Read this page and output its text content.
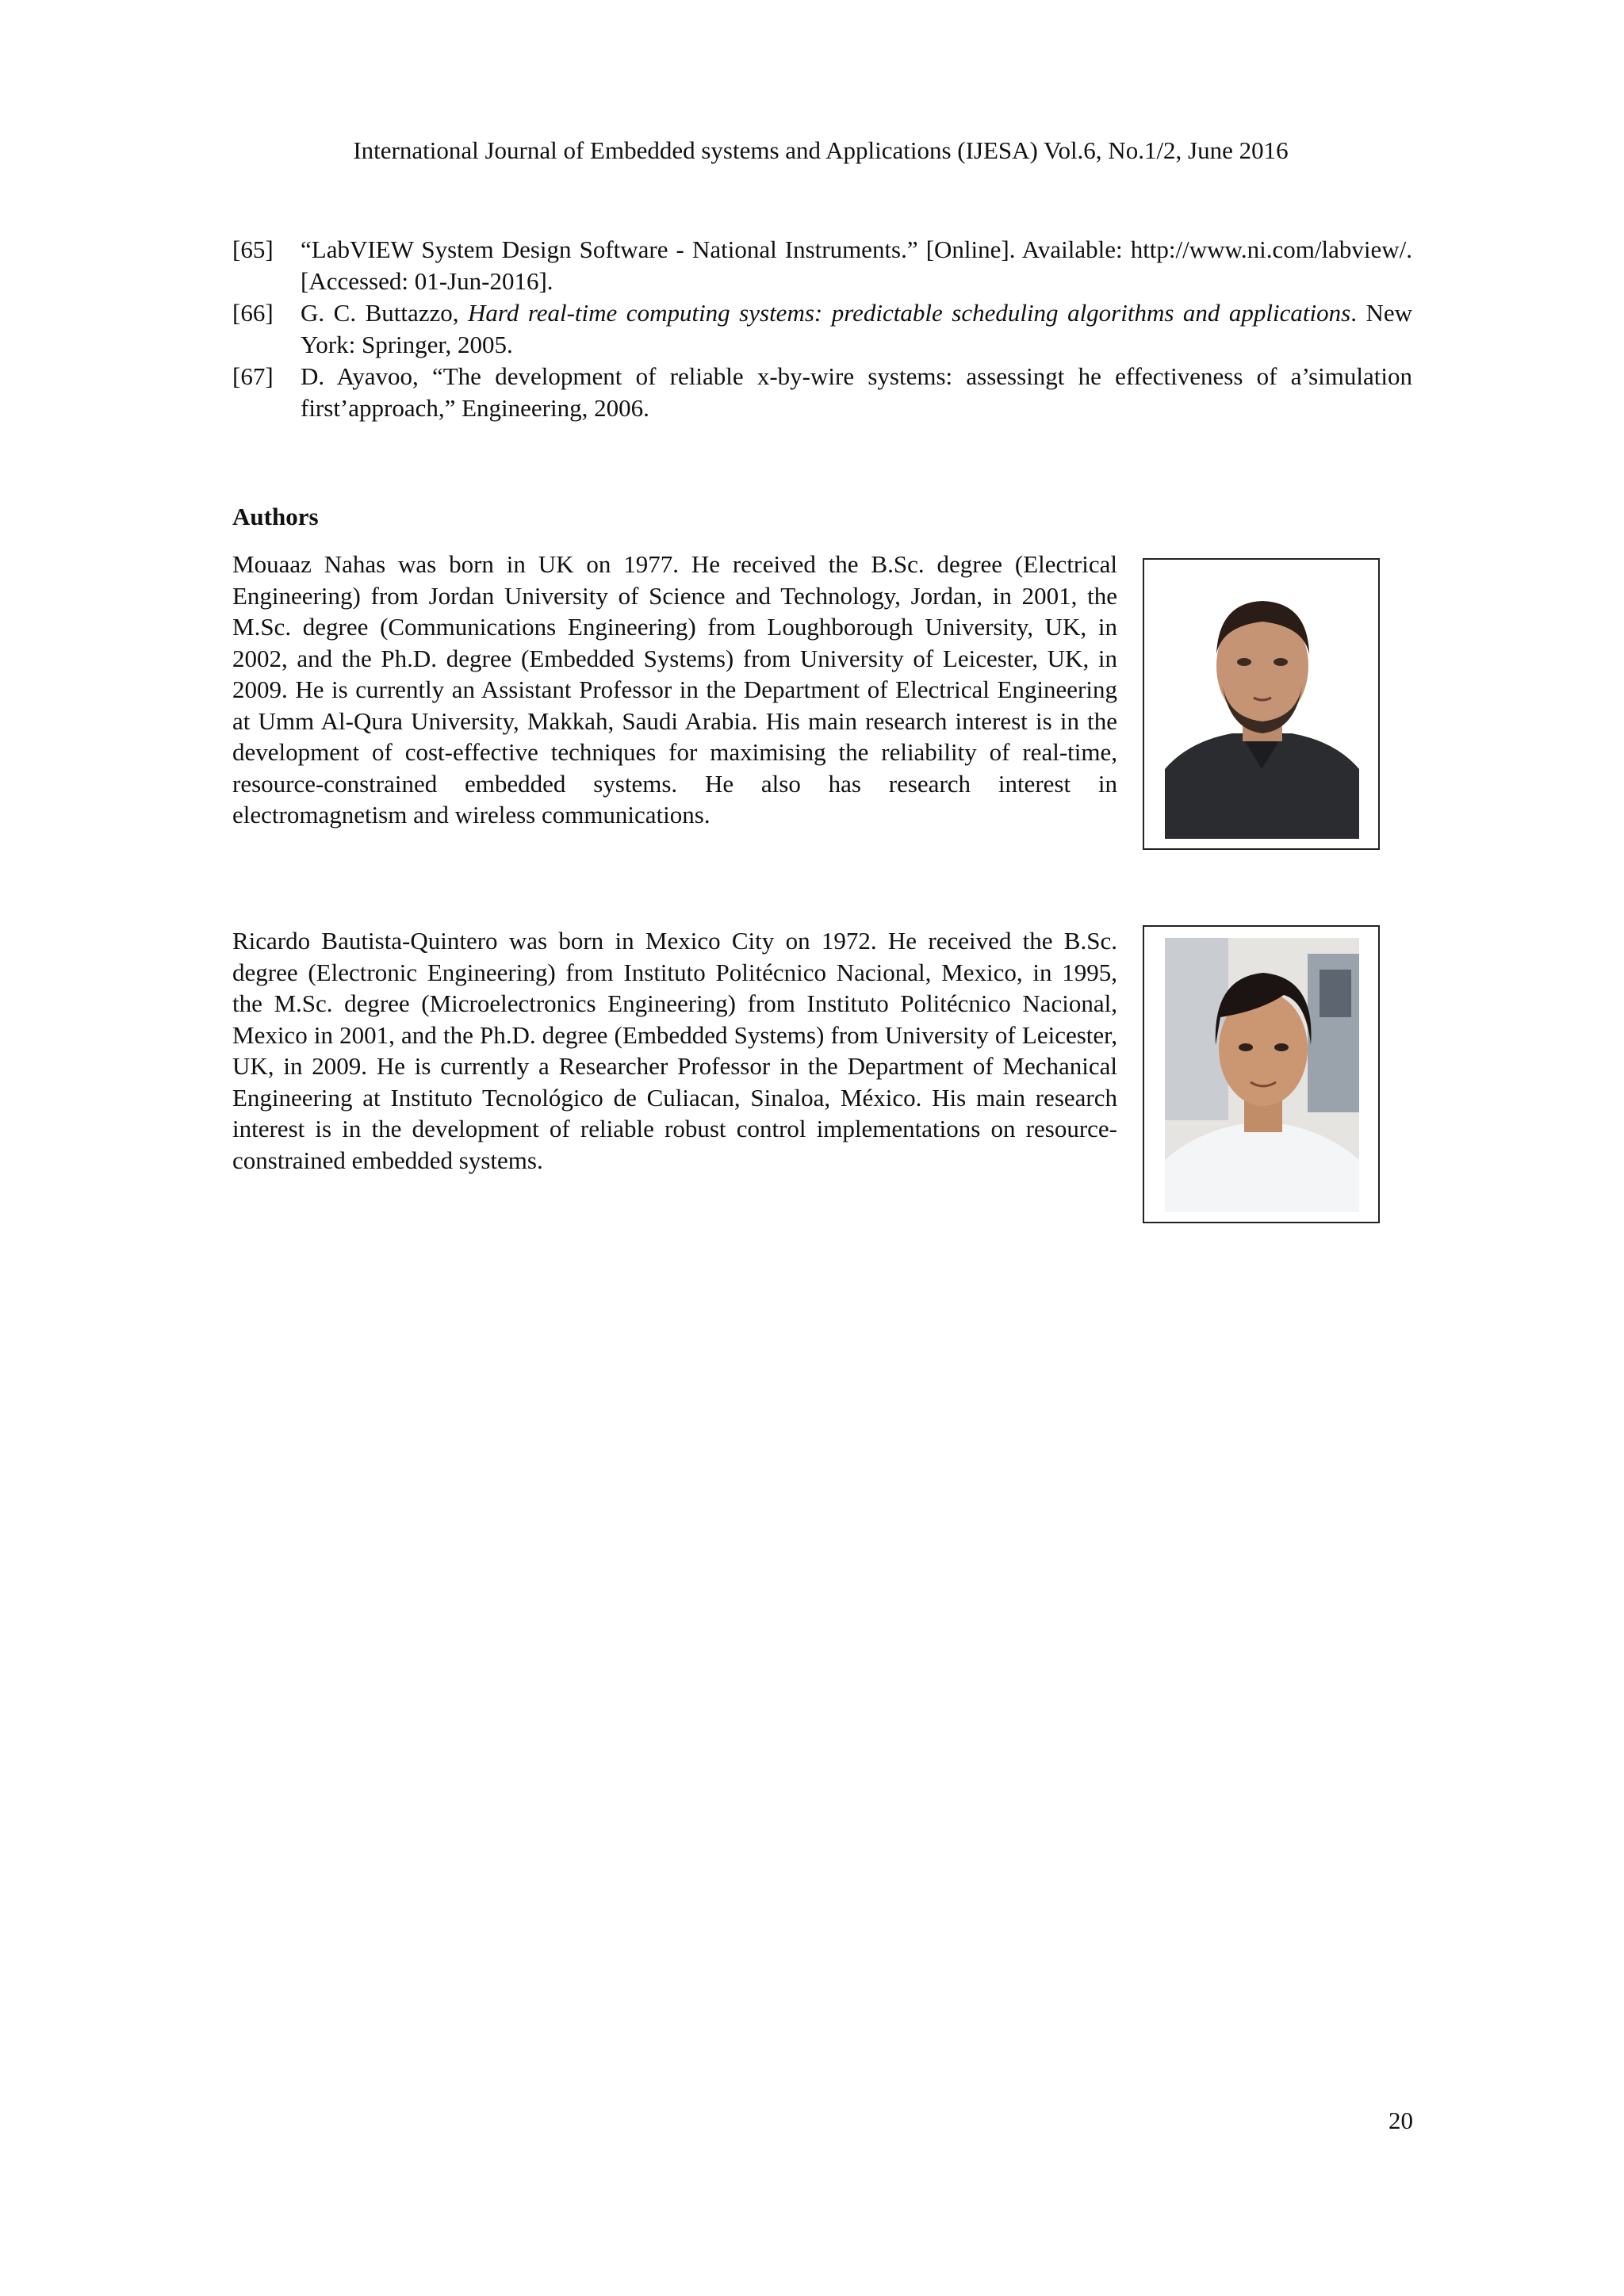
International Journal of Embedded systems and Applications (IJESA) Vol.6, No.1/2, June 2016
[65]	“LabVIEW System Design Software - National Instruments.” [Online]. Available: http://www.ni.com/labview/. [Accessed: 01-Jun-2016].
[66]	G. C. Buttazzo, Hard real-time computing systems: predictable scheduling algorithms and applications. New York: Springer, 2005.
[67]	D. Ayavoo, “The development of reliable x-by-wire systems: assessingt he effectiveness of a’simulation first’approach,” Engineering, 2006.
Authors
Mouaaz Nahas was born in UK on 1977. He received the B.Sc. degree (Electrical Engineering) from Jordan University of Science and Technology, Jordan, in 2001, the M.Sc. degree (Communications Engineering) from Loughborough University, UK, in 2002, and the Ph.D. degree (Embedded Systems) from University of Leicester, UK, in 2009. He is currently an Assistant Professor in the Department of Electrical Engineering at Umm Al-Qura University, Makkah, Saudi Arabia. His main research interest is in the development of cost-effective techniques for maximising the reliability of real-time, resource-constrained embedded systems. He also has research interest in electromagnetism and wireless communications.
Ricardo Bautista-Quintero was born in Mexico City on 1972. He received the B.Sc. degree (Electronic Engineering) from Instituto Politécnico Nacional, Mexico, in 1995, the M.Sc. degree (Microelectronics Engineering) from Instituto Politécnico Nacional, Mexico in 2001, and the Ph.D. degree (Embedded Systems) from University of Leicester, UK, in 2009. He is currently a Researcher Professor in the Department of Mechanical Engineering at Instituto Tecnológico de Culiacan, Sinaloa, México. His main research interest is in the development of reliable robust control implementations on resource-constrained embedded systems.
20
